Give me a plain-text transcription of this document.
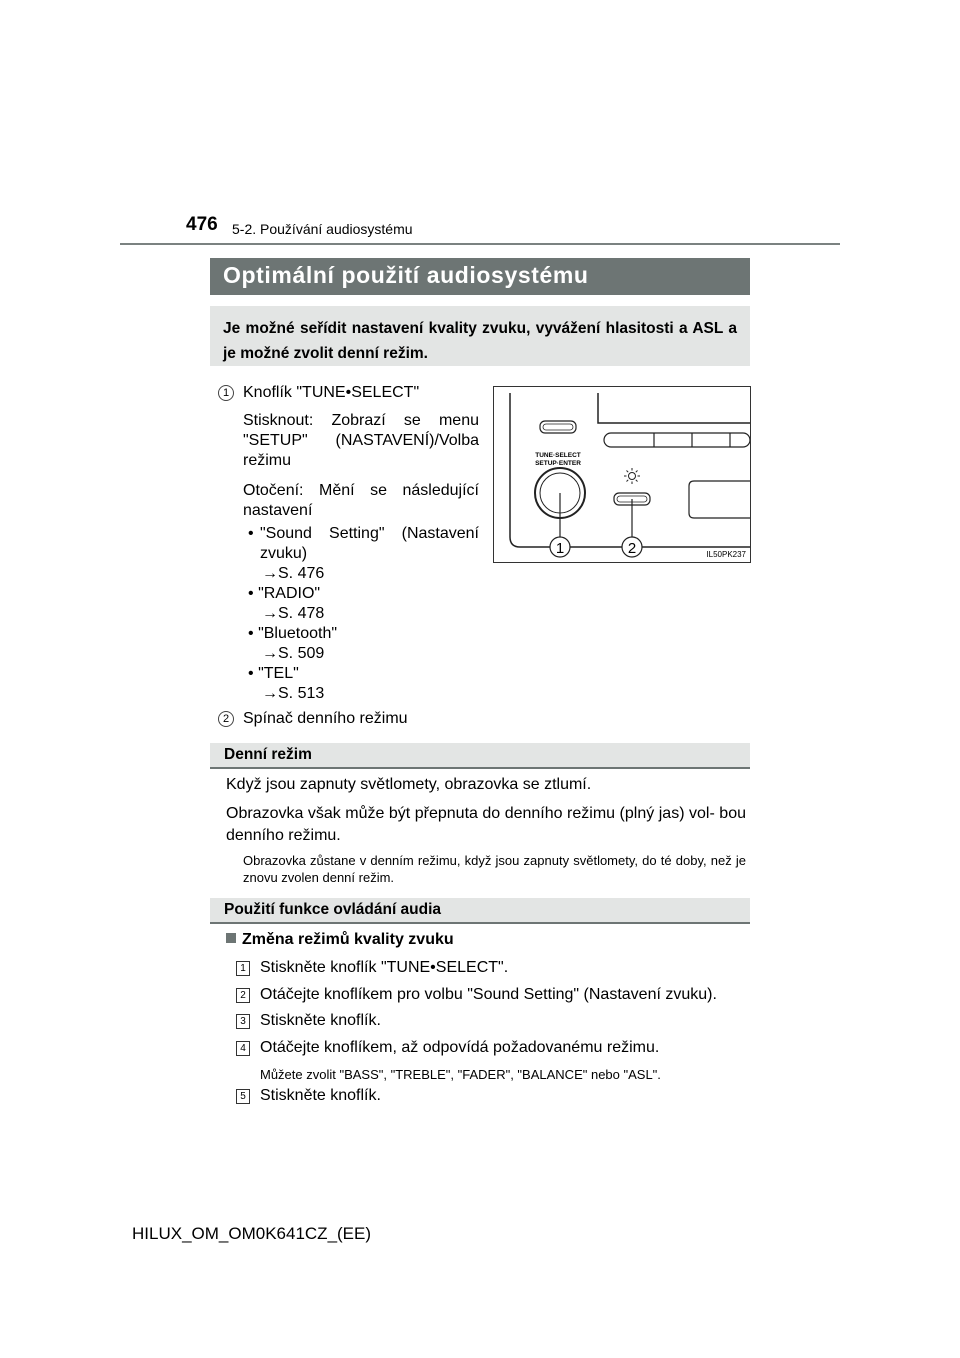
476 5-2. Používání audiosystému
Optimální použití audiosystému
Je možné seřídit nastavení kvality zvuku, vyvážení hlasitosti a ASL a je možné zvolit denní režim.
1 Knoflík "TUNE•SELECT"
Stisknout: Zobrazí se menu "SETUP" (NASTAVENÍ)/Volba režimu
Otočení: Mění se následující nastavení
• "Sound Setting" (Nastavení zvuku)
→S. 476
• "RADIO"
→S. 478
• "Bluetooth"
→S. 509
• "TEL"
→S. 513
2 Spínač denního režimu
TUNE·SELECT
SETUP·ENTER
1	2	IL50PK237
Denní režim
Když jsou zapnuty světlomety, obrazovka se ztlumí.
Obrazovka však může být přepnuta do denního režimu (plný jas) vol- bou denního režimu.
Obrazovka zůstane v denním režimu, když jsou zapnuty světlomety, do té doby, než je znovu zvolen denní režim.
Použití funkce ovládání audia
Změna režimů kvality zvuku
1 Stiskněte knoflík "TUNE•SELECT".
2 Otáčejte knoflíkem pro volbu "Sound Setting" (Nastavení zvuku).
3 Stiskněte knoflík.
4 Otáčejte knoflíkem, až odpovídá požadovanému režimu.
Můžete zvolit "BASS", "TREBLE", "FADER", "BALANCE" nebo "ASL".
5 Stiskněte knoflík.
HILUX_OM_OM0K641CZ_(EE)
